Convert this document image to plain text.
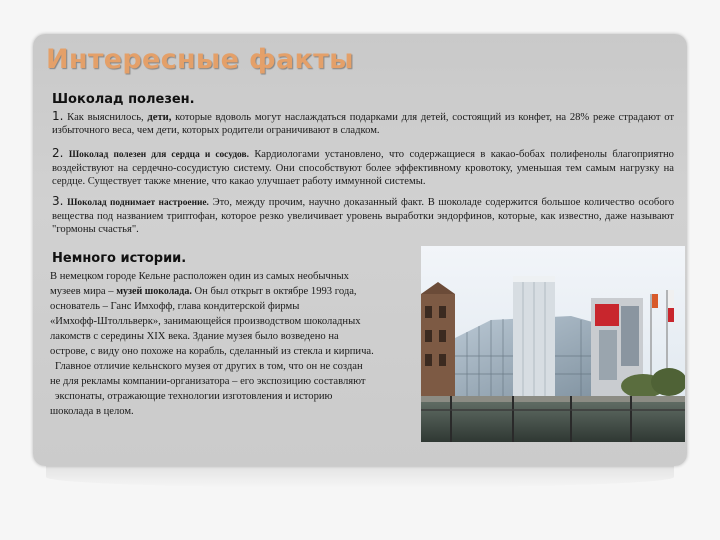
Интересные факты
Шоколад полезен.
1. Как выяснилось, дети, которые вдоволь могут наслаждаться подарками для детей, состоящий из конфет, на 28% реже страдают от избыточного веса, чем дети, которых родители ограничивают в сладком.
2. Шоколад полезен для сердца и сосудов. Кардиологами установлено, что содержащиеся в какао-бобах полифенолы благоприятно воздействуют на сердечно-сосудистую систему. Они способствуют более эффективному кровотоку, уменьшая тем самым нагрузку на сердце. Существует также мнение, что какао улучшает работу иммунной системы.
3. Шоколад поднимает настроение. Это, между прочим, научно доказанный факт. В шоколаде содержится большое количество особого вещества под названием триптофан, которое резко увеличивает уровень выработки эндорфинов, которые, как известно, даже называют "гормоны счастья".
Немного истории.
В немецком городе Кельне расположен один из самых необычных
музеев мира – музей шоколада. Он был открыт в октябре 1993 года,
основатель – Ганс Имхофф, глава кондитерской фирмы
«Имхофф-Штолльверк», занимающейся производством шоколадных
лакомств с середины XIX века. Здание музея было возведено на
острове, с виду оно похоже на корабль, сделанный из стекла и кирпича.
Главное отличие кельнского музея от других в том, что он не создан
не для рекламы компании-организатора – его экспозицию составляют
экспонаты, отражающие технологии изготовления и историю
шоколада в целом.
